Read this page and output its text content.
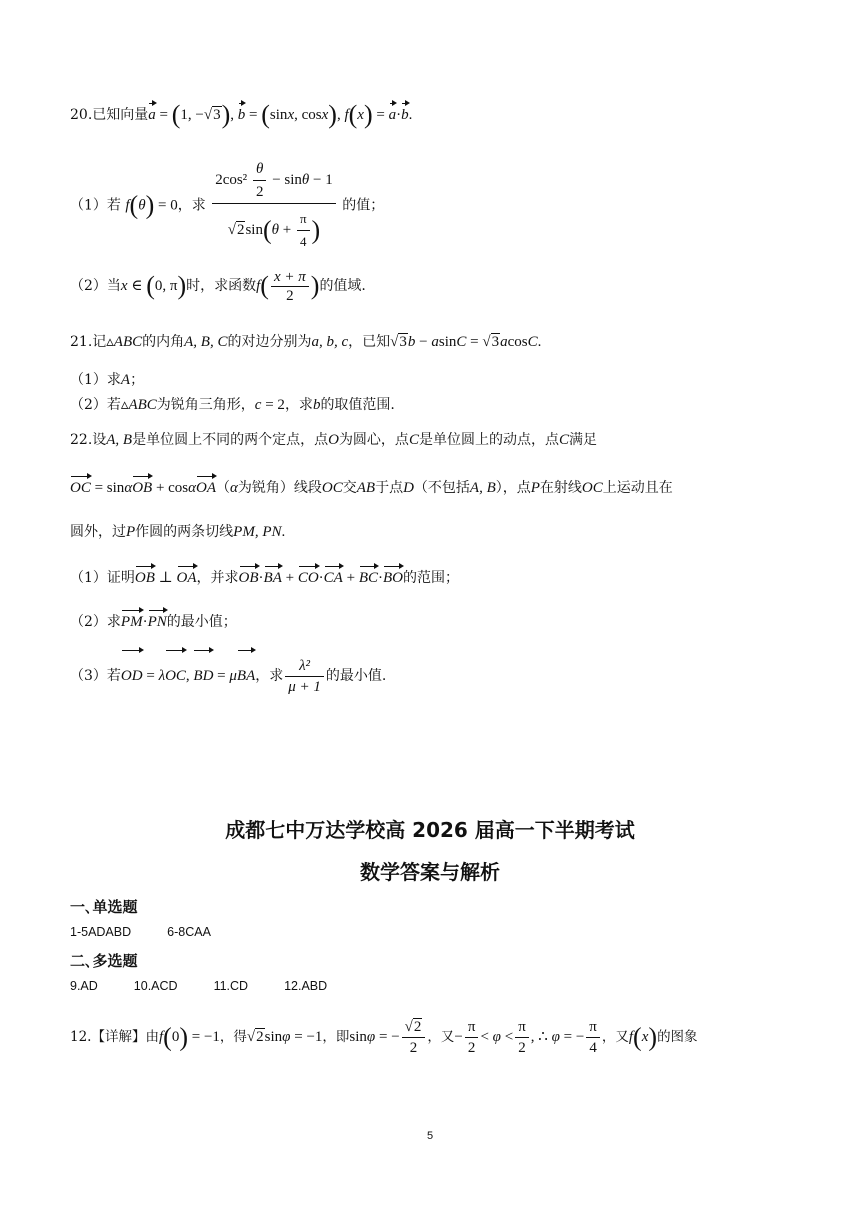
20.已知向量a = (1, −√3), b = (sinx, cosx), f(x) = a·b.
（1）若 f(θ) = 0，求 $\frac{2\cos^2 \frac{\theta}{2} - \sin\theta - 1}{√2\sin(\theta + \frac{\pi}{4} )}$ 的值；
（2）当x ∈ (0, π)时，求函数$f( \frac{x + \pi}{2}$ )的值域.
21.记▵ABC的内角A, B, C的对边分别为a, b, c，已知√3b − asinC = √3acosC.
（1）求A；
（2）若▵ABC为锐角三角形，c = 2，求b的取值范围.
22.设A, B是单位圆上不同的两个定点，点O为圆心，点C是单位圆上的动点，点C满足
OC = sinαOB + cosαOA（α为锐角）线段OC交AB于点D（不包括A, B），点P在射线OC上运动且在
圆外，过P作圆的两条切线PM, PN.
（1）证明OB ⊥ OA，并求OB·BA + CO·CA + BC·BO的范围；
（2）求PM·PN的最小值；
（3）若OD = λOC, BD = μBA，求 $\frac{\text{λ²}}{\mu + 1}$ 的最小值.
成都七中万达学校高 2026 届高一下半期考试
数学答案与解析
一､单选题
1-5ADABD	6-8CAA
二､多选题
9.AD	10.ACD	11.CD	12.ABD
12.【详解】由f(0) = −1，得√2sinφ = −1，即sinφ = − $\frac{√2}{2}$ ，又− $\frac{\pi}{2} < \varphi < \frac{\pi}{2}$ , ∴ φ = − $\frac{\pi}{4}$ ，又f(x)的图象
5
